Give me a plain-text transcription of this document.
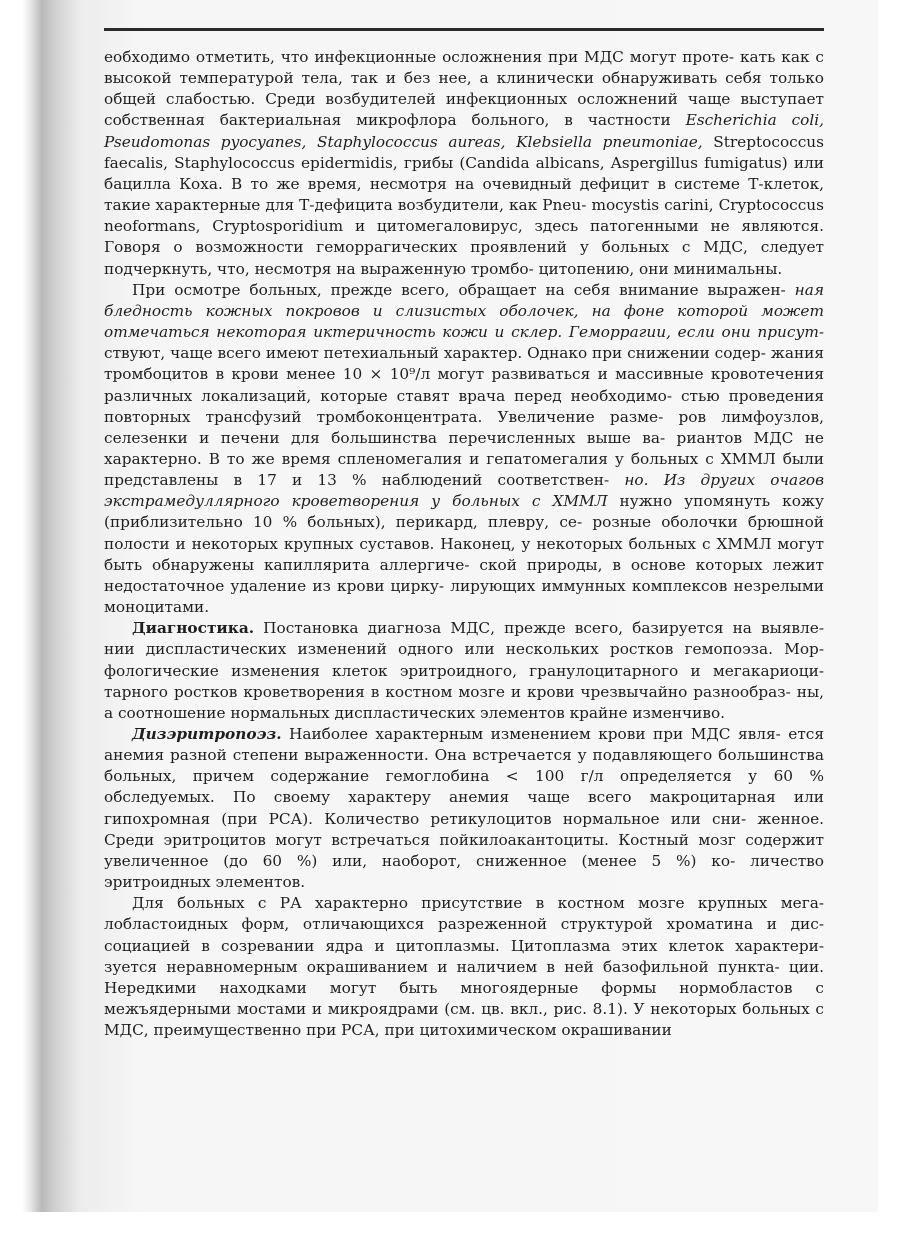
еобходимо отметить, что инфекционные осложнения при МДС могут проте- кать как с высокой температурой тела, так и без нее, а клинически обнаруживать себя только общей слабостью. Среди возбудителей инфекционных осложнений чаще выступает собственная бактериальная микрофлора больного, в частности Escherichia coli, Pseudomonas pyocyanes, Staphylococcus aureas, Klebsiella pneumoniae, Streptococcus faecalis, Staphylococcus epidermidis, грибы (Candida albicans, Aspergillus fumigatus) или бацилла Коха. В то же время, несмотря на очевидный дефицит в системе Т-клеток, такие характерные для Т-дефицита возбудители, как Pneu- mocystis carini, Cryptococcus neoformans, Cryptosporidium и цитомегаловирус, здесь патогенными не являются. Говоря о возможности геморрагических проявлений у больных с МДС, следует подчеркнуть, что, несмотря на выраженную тромбо- цитопению, они минимальны.

При осмотре больных, прежде всего, обращает на себя внимание выражен- ная бледность кожных покровов и слизистых оболочек, на фоне которой может отмечаться некоторая иктеричность кожи и склер. Геморрагии, если они присут- ствуют, чаще всего имеют петехиальный характер. Однако при снижении содер- жания тромбоцитов в крови менее 10 × 10⁹/л могут развиваться и массивные кровотечения различных локализаций, которые ставят врача перед необходимо- стью проведения повторных трансфузий тромбоконцентрата. Увеличение разме- ров лимфоузлов, селезенки и печени для большинства перечисленных выше ва- риантов МДС не характерно. В то же время спленомегалия и гепатомегалия у больных с ХММЛ были представлены в 17 и 13 % наблюдений соответствен- но. Из других очагов экстрамедуллярного кроветворения у больных с ХММЛ нужно упомянуть кожу (приблизительно 10 % больных), перикард, плевру, се- розные оболочки брюшной полости и некоторых крупных суставов. Наконец, у некоторых больных с ХММЛ могут быть обнаружены капиллярита аллергиче- ской природы, в основе которых лежит недостаточное удаление из крови цирку- лирующих иммунных комплексов незрелыми моноцитами.

Диагностика. Постановка диагноза МДС, прежде всего, базируется на выявле- нии диспластических изменений одного или нескольких ростков гемопоэза. Мор- фологические изменения клеток эритроидного, гранулоцитарного и мегакариоци- тарного ростков кроветворения в костном мозге и крови чрезвычайно разнообраз- ны, а соотношение нормальных диспластических элементов крайне изменчиво.

Дизэритропоэз. Наиболее характерным изменением крови при МДС явля- ется анемия разной степени выраженности. Она встречается у подавляющего большинства больных, причем содержание гемоглобина < 100 г/л определяется у 60 % обследуемых. По своему характеру анемия чаще всего макроцитарная или гипохромная (при РСА). Количество ретикулоцитов нормальное или сни- женное. Среди эритроцитов могут встречаться пойкилоакантоциты. Костный мозг содержит увеличенное (до 60 %) или, наоборот, сниженное (менее 5 %) ко- личество эритроидных элементов.

Для больных с РА характерно присутствие в костном мозге крупных мега- лобластоидных форм, отличающихся разреженной структурой хроматина и дис- социацией в созревании ядра и цитоплазмы. Цитоплазма этих клеток характери- зуется неравномерным окрашиванием и наличием в ней базофильной пункта- ции. Нередкими находками могут быть многоядерные формы нормобластов с межъядерными мостами и микроядрами (см. цв. вкл., рис. 8.1). У некоторых больных с МДС, преимущественно при РСА, при цитохимическом окрашивании
